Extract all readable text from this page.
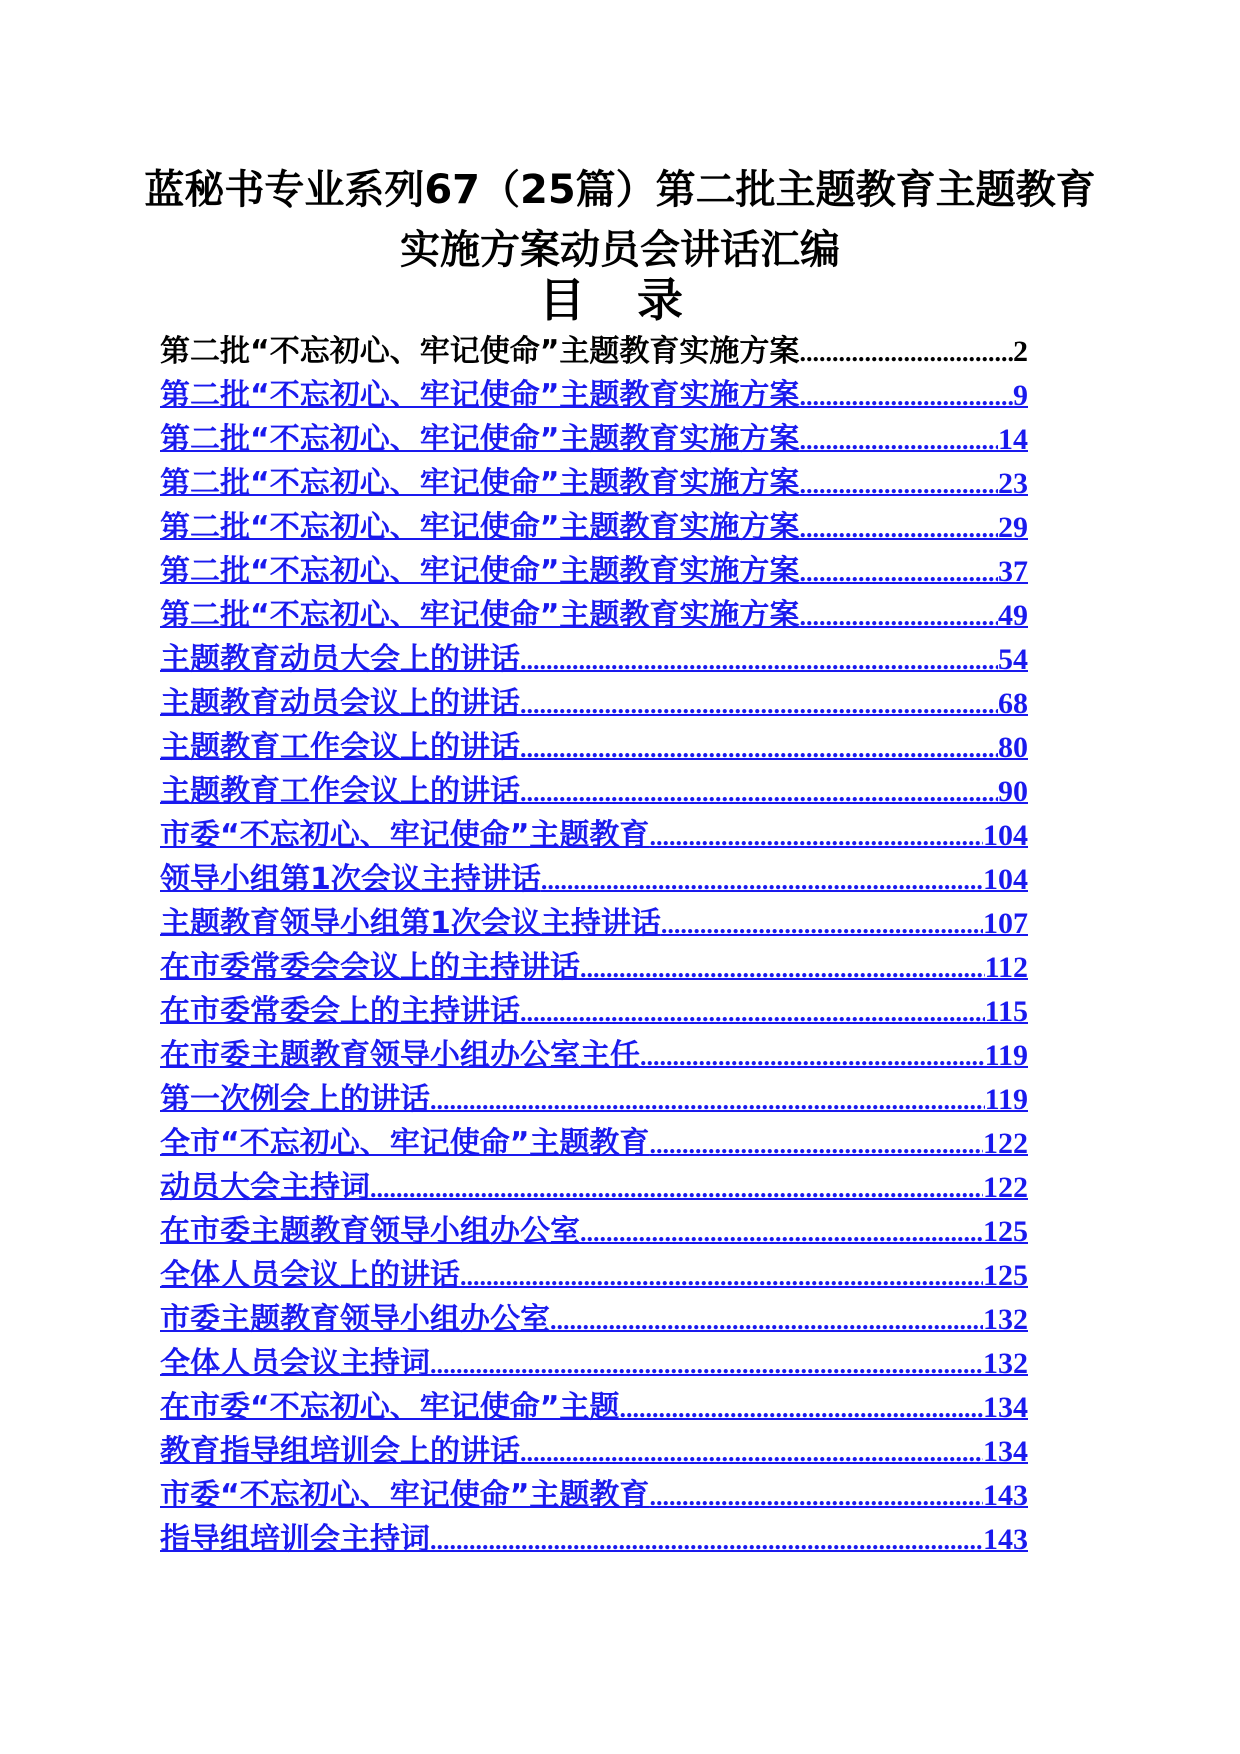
蓝秘书专业系列67（25篇）第二批主题教育主题教育实施方案动员会讲话汇编
目 录
第二批“不忘初心、牢记使命”主题教育实施方案 .....	2
第二批“不忘初心、牢记使命”主题教育实施方案 .....	9
第二批“不忘初心、牢记使命”主题教育实施方案 .....	14
第二批“不忘初心、牢记使命”主题教育实施方案 .....	23
第二批“不忘初心、牢记使命”主题教育实施方案 .....	29
第二批“不忘初心、牢记使命”主题教育实施方案 .....	37
第二批“不忘初心、牢记使命”主题教育实施方案 .....	49
主题教育动员大会上的讲话 .....	54
主题教育动员会议上的讲话 .....	68
主题教育工作会议上的讲话 .....	80
主题教育工作会议上的讲话 .....	90
市委“不忘初心、牢记使命”主题教育 .....	104
领导小组第1次会议主持讲话 .....	104
主题教育领导小组第1次会议主持讲话 .....	107
在市委常委会会议上的主持讲话 .....	112
在市委常委会上的主持讲话 .....	115
在市委主题教育领导小组办公室主任 .....	119
第一次例会上的讲话 .....	119
全市“不忘初心、牢记使命”主题教育 .....	122
动员大会主持词 .....	122
在市委主题教育领导小组办公室 .....	125
全体人员会议上的讲话 .....	125
市委主题教育领导小组办公室 .....	132
全体人员会议主持词 .....	132
在市委“不忘初心、牢记使命”主题 .....	134
教育指导组培训会上的讲话 .....	134
市委“不忘初心、牢记使命”主题教育 .....	143
指导组培训会主持词 .....	143
